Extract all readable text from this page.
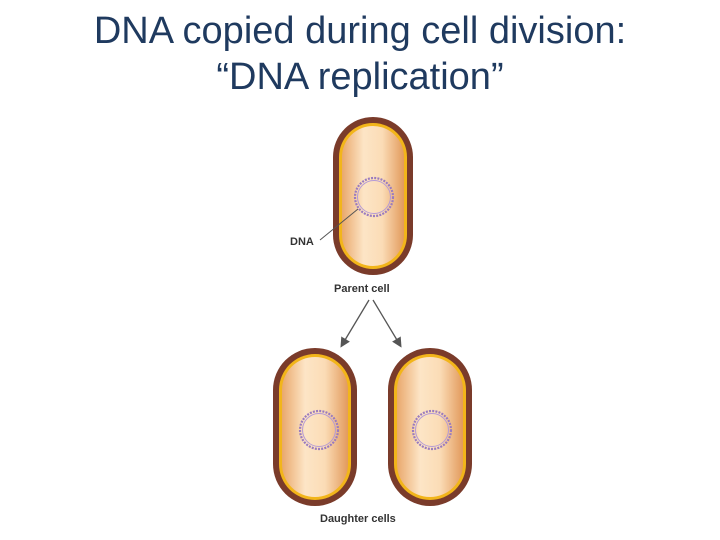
DNA copied during cell division:
“DNA replication”
DNA
Parent cell
Daughter cells
